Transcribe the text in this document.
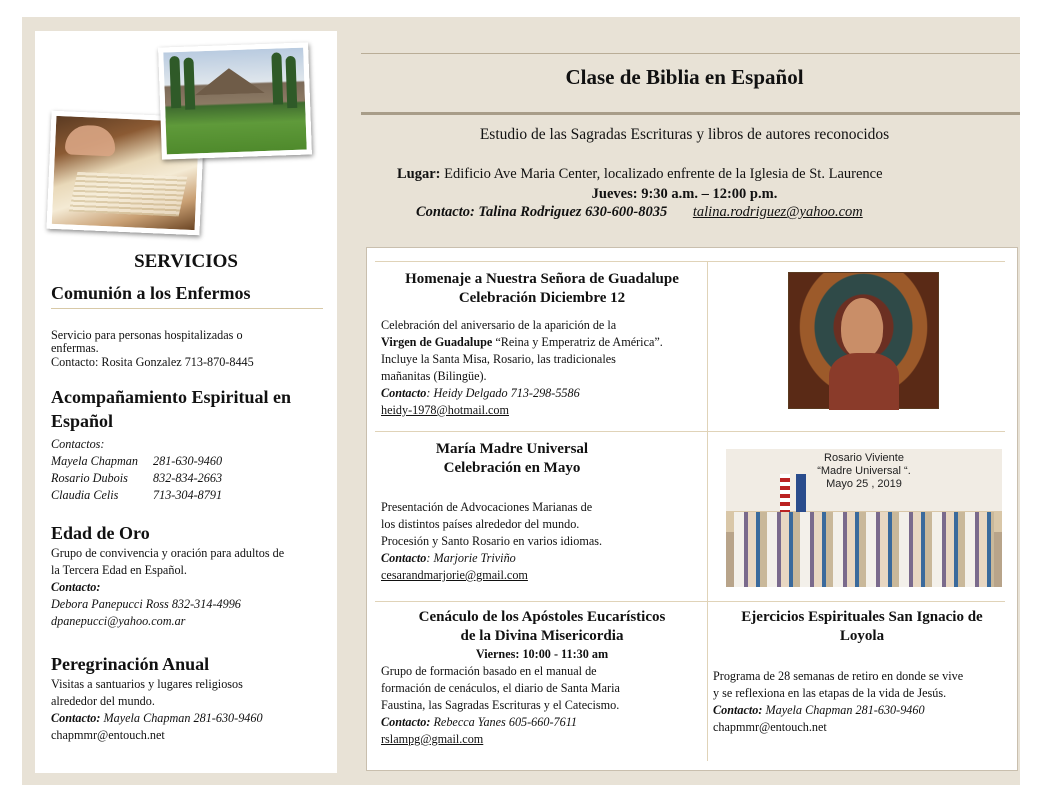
SERVICIOS
Comunión a los Enfermos
Servicio para personas hospitalizadas o
enfermas.
Contacto: Rosita Gonzalez 713-870-8445
Acompañamiento Espiritual en
Español
Contactos:
Mayela Chapman	281-630-9460
Rosario Dubois	832-834-2663
Claudia Celis	713-304-8791
Edad de Oro
Grupo de convivencia y oración para adultos de
la Tercera Edad en Español.
Contacto:
Debora Panepucci Ross 832-314-4996
dpanepucci@yahoo.com.ar
Peregrinación Anual
Visitas a santuarios y lugares religiosos
alrededor del mundo.
Contacto: Mayela Chapman 281-630-9460
chapmmr@entouch.net
Clase de Biblia en Español
Estudio de las Sagradas Escrituras y libros de autores reconocidos
Lugar: Edificio Ave Maria Center, localizado enfrente de la Iglesia de St. Laurence
Jueves: 9:30 a.m. – 12:00 p.m.
Contacto: Talina Rodriguez 630-600-8035 talina.rodriguez@yahoo.com
Homenaje a Nuestra Señora de Guadalupe
Celebración Diciembre 12
Celebración del aniversario de la aparición de la
Virgen de Guadalupe “Reina y Emperatriz de América”.
Incluye la Santa Misa, Rosario, las tradicionales
mañanitas (Bilingüe).
Contacto: Heidy Delgado 713-298-5586
heidy-1978@hotmail.com
María Madre Universal
Celebración en Mayo
Presentación de Advocaciones Marianas de
los distintos países alrededor del mundo.
Procesión y Santo Rosario en varios idiomas.
Contacto: Marjorie Triviño
cesarandmarjorie@gmail.com
Rosario Viviente
“Madre Universal “.
Mayo 25 , 2019
Cenáculo de los Apóstoles Eucarísticos
de la Divina Misericordia
Viernes: 10:00 - 11:30 am
Grupo de formación basado en el manual de
formación de cenáculos, el diario de Santa Maria
Faustina, las Sagradas Escrituras y el Catecismo.
Contacto: Rebecca Yanes 605-660-7611
rslampg@gmail.com
Ejercicios Espirituales San Ignacio de
Loyola
Programa de 28 semanas de retiro en donde se vive
y se reflexiona en las etapas de la vida de Jesús.
Contacto: Mayela Chapman 281-630-9460
chapmmr@entouch.net
